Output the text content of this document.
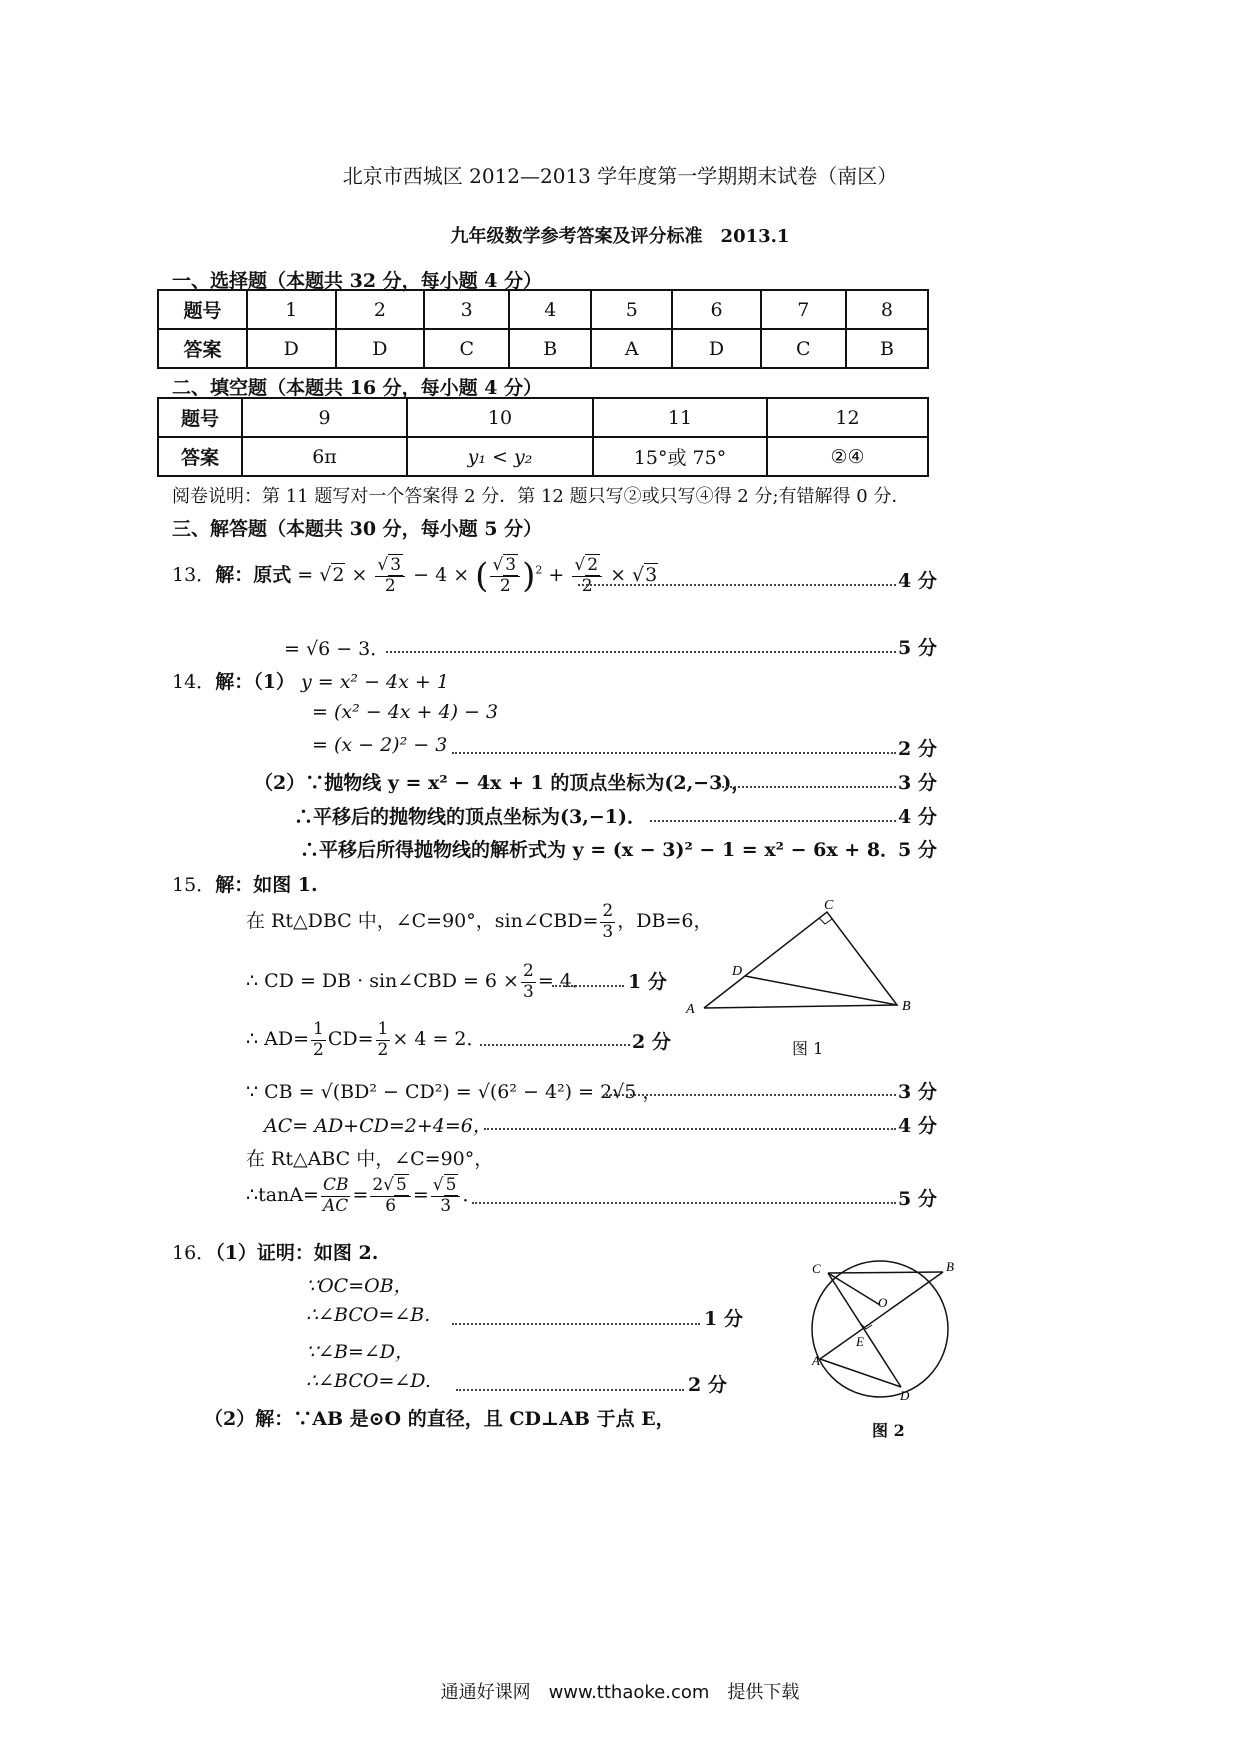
北京市西城区 2012—2013 学年度第一学期期末试卷（南区）
九年级数学参考答案及评分标准　2013.1
一、选择题（本题共 32 分，每小题 4 分）
题号	1	2	3	4	5	6	7	8
答案	D	D	C	B	A	D	C	B
二、填空题（本题共 16 分，每小题 4 分）
题号	9	10	11	12
答案	6π	y₁ < y₂	15°或 75°	②④
阅卷说明：第 11 题写对一个答案得 2 分．第 12 题只写②或只写④得 2 分;有错解得 0 分．
三、解答题（本题共 30 分，每小题 5 分）
13．解：原式 = $√2 \times \frac{√ 3}{2} - 4$ × ( $\frac{√ 3}{2} )^2 + \frac{√ 2}{2} \times √3$	4 分
= √6 − 3．	5 分
14．解：（1） y = x² − 4x + 1
= (x² − 4x + 4) − 3
= (x − 2)² − 3	2 分
（2）∵抛物线 y = x² − 4x + 1 的顶点坐标为(2,−3)，	3 分
∴平移后的抛物线的顶点坐标为(3,−1)．	4 分
∴平移后所得抛物线的解析式为 y = (x − 3)² − 1 = x² − 6x + 8．
5 分
15．解：如图 1.
在 Rt△DBC 中，∠C=90°，sin∠CBD= $\frac{2}{3}$ ，DB=6，
∴ CD = DB · sin∠CBD = $6 \times \frac{2}{3} = 4$． 1 分
∴ $AD= \frac{1}{2} CD= \frac{1}{2} \times 4 = 2$．	2 分
∵ CB = √(BD² − CD²) = √(6² − 4²) = 2√5 ，	3 分
AC= AD+CD=2+4=6，	4 分
在 Rt△ABC 中，∠C=90°，
∴tanA= $\frac{CB}{AC} = \frac{2√ 5}{6} = \frac{√ 5}{3}$ ．	5 分
C
D
A	B
图 1
16．（1）证明：如图 2.
∵OC=OB，
∴∠BCO=∠B.	1 分
∵∠B=∠D，
∴∠BCO=∠D.	2 分
（2）解：∵AB 是⊙O 的直径，且 CD⊥AB 于点 E，
C	B
O
E
A
D
图 2
通通好课网　www.tthaoke.com　提供下载
